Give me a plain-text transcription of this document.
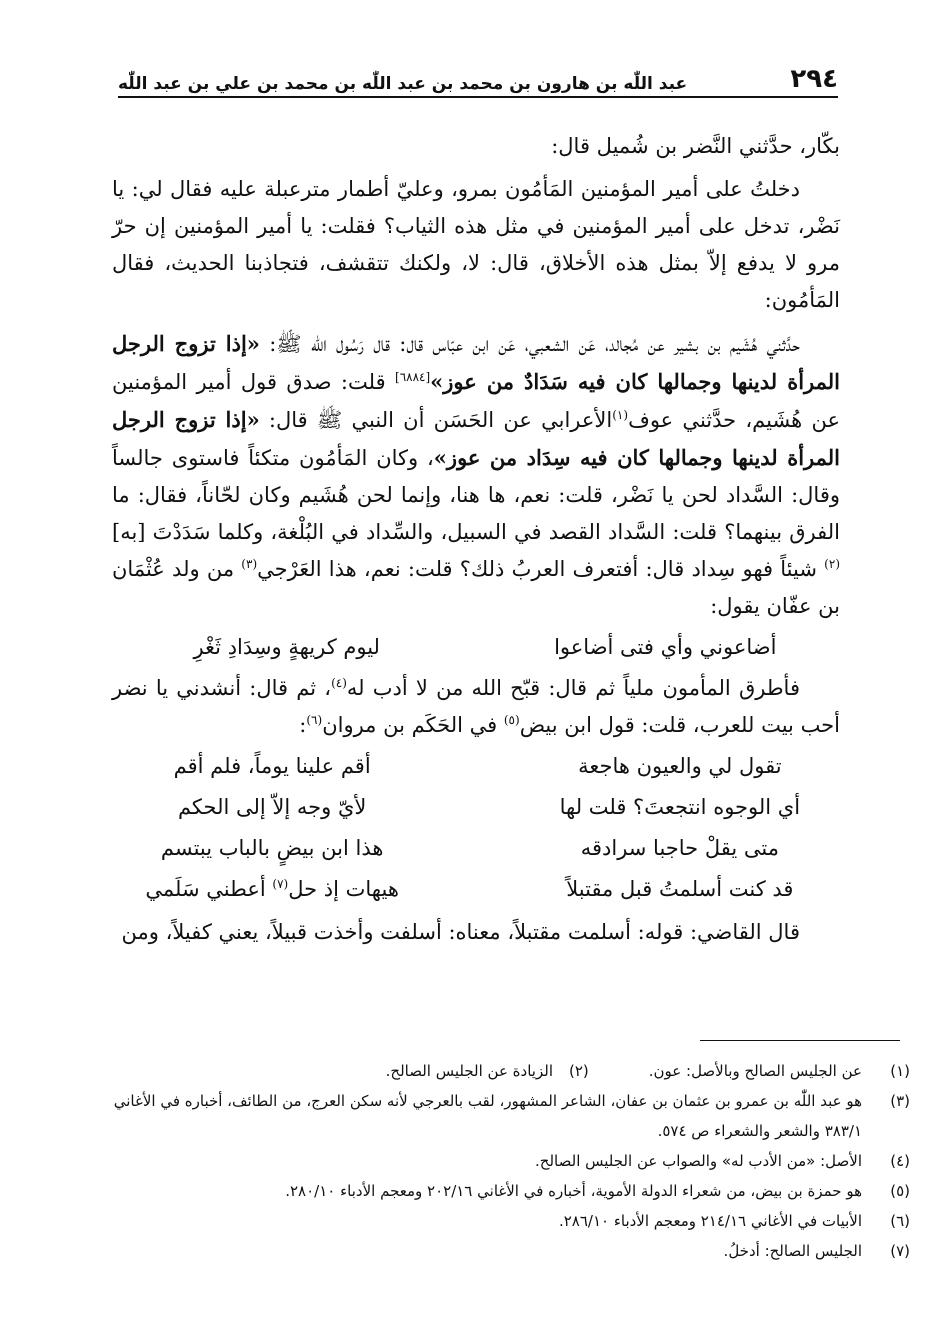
٢٩٤
عبد اللّٰه بن هارون بن محمد بن عبد اللّٰه بن محمد بن علي بن عبد اللّٰه

بكّار، حدَّثني النَّضر بن شُميل قال:

دخلتُ على أمير المؤمنين المَأمُون بمرو، وعليّ أطمار مترعبلة عليه فقال لي: يا نَضْر، تدخل على أمير المؤمنين في مثل هذه الثياب؟ فقلت: يا أمير المؤمنين إن حرّ مرو لا يدفع إلاّ بمثل هذه الأخلاق، قال: لا، ولكنك تتقشف، فتجاذبنا الحديث، فقال المَأمُون:

حدَّثني هُشَيم بن بشير عن مُجالد، عَن الشعبي، عَن ابن عبّاس قال: قال رَسُول الله ﷺ: «إذا تزوج الرجل المرأة لدينها وجمالها كان فيه سَدَادٌ من عوز»[٦٨٨٤] قلت: صدق قول أمير المؤمنين عن هُشَيم، حدَّثني عوف$^{(١)}$الأعرابي عن الحَسَن أن النبي ﷺ قال: «إذا تزوج الرجل المرأة لدينها وجمالها كان فيه سِدَاد من عوز»، وكان المَأمُون متكئاً فاستوى جالساً وقال: السَّداد لحن يا نَضْر، قلت: نعم، ها هنا، وإنما لحن هُشَيم وكان لحّاناً، فقال: ما الفرق بينهما؟ قلت: السَّداد القصد في السبيل، والسِّداد في البُلْغة، وكلما سَدَدْتَ [به]$^{(٢)}$ شيئاً فهو سِداد قال: أفتعرف العربُ ذلك؟ قلت: نعم، هذا العَرْجي$^{(٣)}$ من ولد عُثْمَان بن عفّان يقول:

أضاعوني وأي فتى أضاعوا
ليوم كريهةٍ وسِدَادِ ثَغْرِ

فأطرق المأمون ملياً ثم قال: قبّح الله من لا أدب له$^{(٤)}$، ثم قال: أنشدني يا نضر أحب بيت للعرب، قلت: قول ابن بيض$^{(٥)}$ في الحَكَم بن مروان$^{(٦)}$:

تقول لي والعيون هاجعة
أقم علينا يوماً، فلم أقم
أي الوجوه انتجعتَ؟ قلت لها
لأيّ وجه إلاّ إلى الحكم
متى يقلْ حاجبا سرادقه
هذا ابن بيضٍ بالباب يبتسم
قد كنت أسلمتُ قبل مقتبلاً
هيهات إذ حل$^{(٧)}$ أعطني سَلَمي

قال القاضي: قوله: أسلمت مقتبلاً، معناه: أسلفت وأخذت قبيلاً، يعني كفيلاً، ومن

(١)
عن الجليس الصالح وبالأصل: عون.
(٢)
الزيادة عن الجليس الصالح.
(٣)
هو عبد اللّٰه بن عمرو بن عثمان بن عفان، الشاعر المشهور، لقب بالعرجي لأنه سكن العرج، من الطائف، أخباره في الأغاني ٣٨٣/١ والشعر والشعراء ص ٥٧٤.
(٤)
الأصل: «من الأدب له» والصواب عن الجليس الصالح.
(٥)
هو حمزة بن بيض، من شعراء الدولة الأموية، أخباره في الأغاني ٢٠٢/١٦ ومعجم الأدباء ٢٨٠/١٠.
(٦)
الأبيات في الأغاني ٢١٤/١٦ ومعجم الأدباء ٢٨٦/١٠.
(٧)
الجليس الصالح: أدخلُ.
